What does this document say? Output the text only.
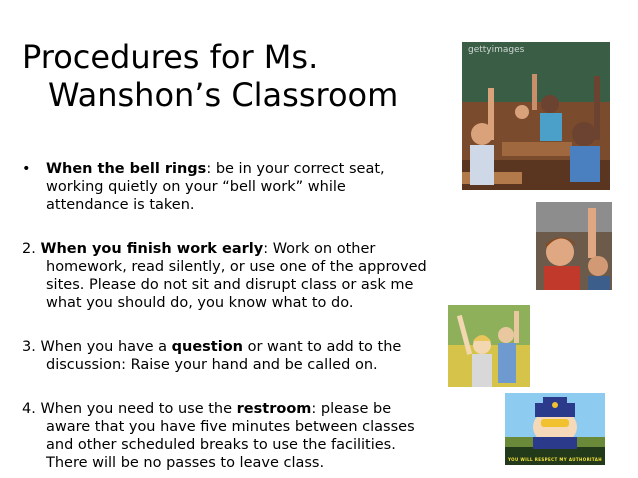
Procedures for Ms.

Wanshon’s Classroom
•	When the bell rings: be in your correct seat, working quietly on your “bell work” while attendance is taken.
2. When you finish work early: Work on other homework, read silently, or use one of the approved sites. Please do not sit and disrupt class or ask me what you should do, you know what to do.
3. When you have a question or want to add to the discussion: Raise your hand and be called on.
4. When you need to use the restroom: please be aware that you have five minutes between classes and other scheduled breaks to use the facilities. There will be no passes to leave class.
gettyimages
YOU WILL RESPECT MY AUTHORITAH
